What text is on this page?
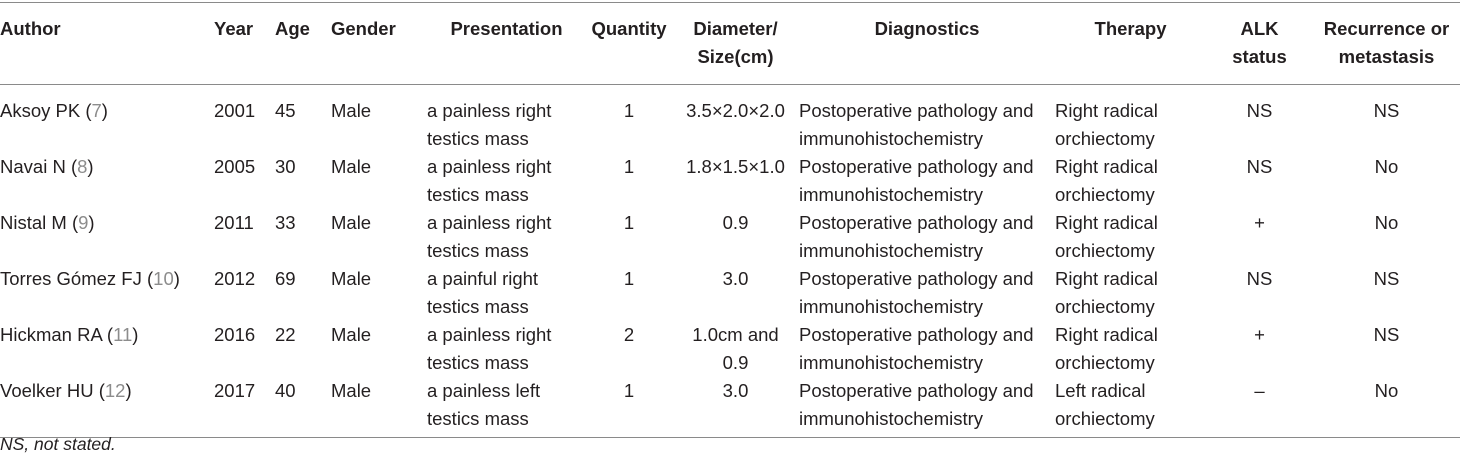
Author	Year	Age	Gender	Presentation	Quantity	Diameter/
Size(cm)	Diagnostics	Therapy	ALK
status	Recurrence or
metastasis
Aksoy PK (7)	2001	45	Male	a painless right
testics mass	1	3.5×2.0×2.0	Postoperative pathology and
immunohistochemistry	Right radical
orchiectomy	NS	NS
Navai N (8)	2005	30	Male	a painless right
testics mass	1	1.8×1.5×1.0	Postoperative pathology and
immunohistochemistry	Right radical
orchiectomy	NS	No
Nistal M (9)	2011	33	Male	a painless right
testics mass	1	0.9	Postoperative pathology and
immunohistochemistry	Right radical
orchiectomy	+	No
Torres Gómez FJ (10)	2012	69	Male	a painful right
testics mass	1	3.0	Postoperative pathology and
immunohistochemistry	Right radical
orchiectomy	NS	NS
Hickman RA (11)	2016	22	Male	a painless right
testics mass	2	1.0cm and
0.9	Postoperative pathology and
immunohistochemistry	Right radical
orchiectomy	+	NS
Voelker HU (12)	2017	40	Male	a painless left
testics mass	1	3.0	Postoperative pathology and
immunohistochemistry	Left radical
orchiectomy	–	No
NS, not stated.
